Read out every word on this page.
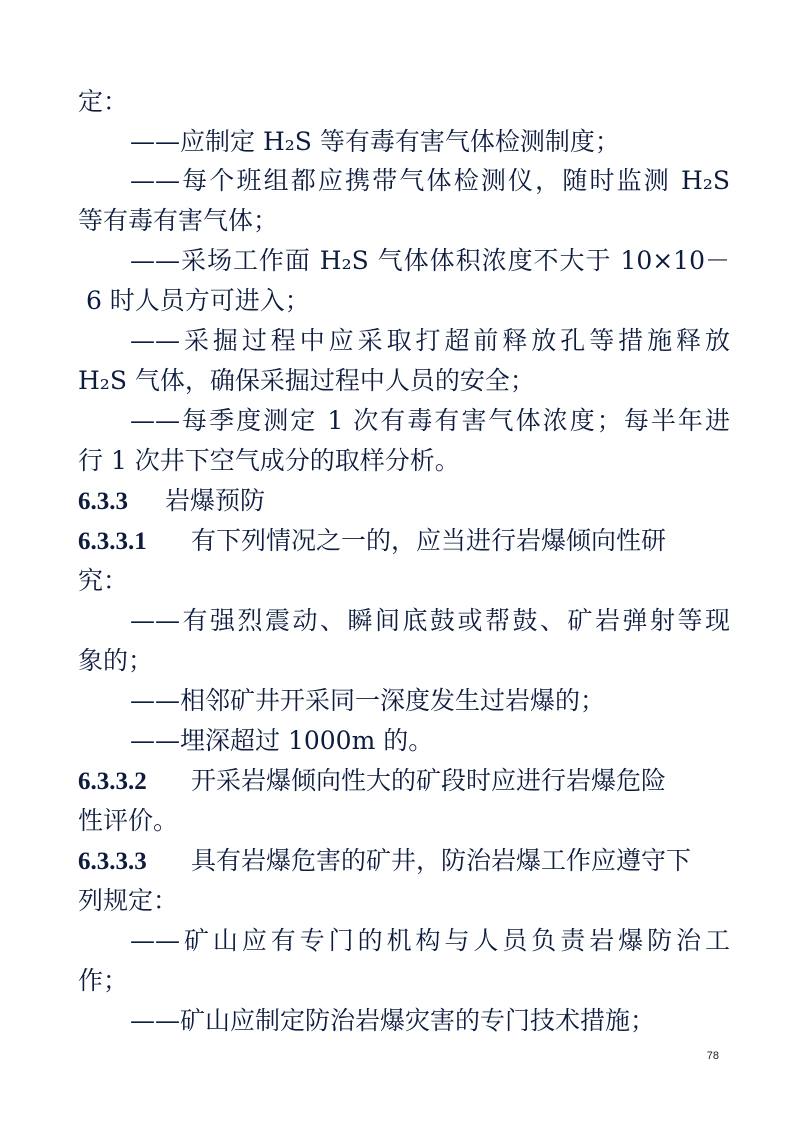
定：
——应制定 H₂S 等有毒有害气体检测制度；
——每个班组都应携带气体检测仪，随时监测 H₂S
等有毒有害气体；
——采场工作面 H₂S 气体体积浓度不大于 10×10－
6 时人员方可进入；
——采掘过程中应采取打超前释放孔等措施释放
H₂S 气体，确保采掘过程中人员的安全；
——每季度测定 1 次有毒有害气体浓度；每半年进
行 1 次井下空气成分的取样分析。
6.3.3 岩爆预防
6.3.3.1 有下列情况之一的，应当进行岩爆倾向性研
究：
——有强烈震动、瞬间底鼓或帮鼓、矿岩弹射等现
象的；
——相邻矿井开采同一深度发生过岩爆的；
——埋深超过 1000m 的。
6.3.3.2 开采岩爆倾向性大的矿段时应进行岩爆危险
性评价。
6.3.3.3 具有岩爆危害的矿井，防治岩爆工作应遵守下
列规定：
——矿山应有专门的机构与人员负责岩爆防治工
作；
——矿山应制定防治岩爆灾害的专门技术措施；
78
